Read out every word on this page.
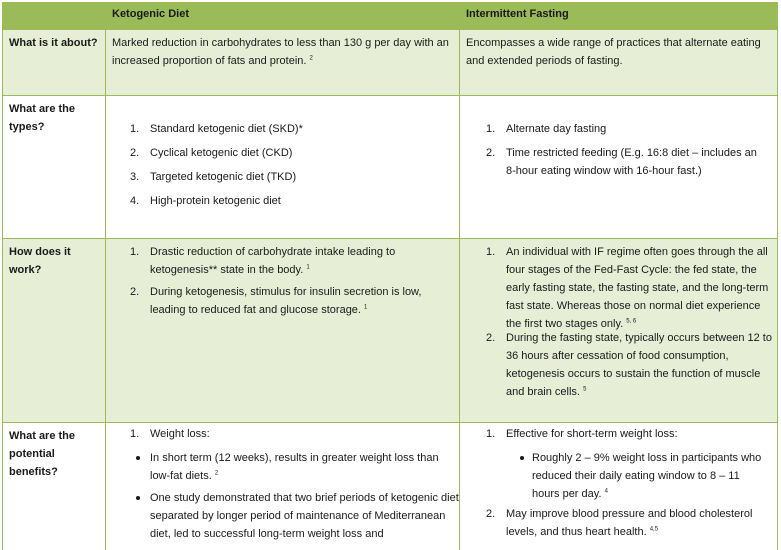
Ketogenic Diet	Intermittent Fasting

What is it about? Marked reduction in carbohydrates to less than 130 g per day with an increased proportion of fats and protein. $^2$

Encompasses a wide range of practices that alternate eating and extended periods of fasting.

What are the types?	1. Standard ketogenic diet (SKD)*
2. Cyclical ketogenic diet (CKD)
3. Targeted ketogenic diet (TKD)
4. High-protein ketogenic diet
1. Alternate day fasting
2. Time restricted feeding (E.g. 16:8 diet – includes an 8-hour eating window with 16-hour fast.)

How does it work?

1. Drastic reduction of carbohydrate intake leading to ketogenesis** state in the body. $^1$
2. During ketogenesis, stimulus for insulin secretion is low, leading to reduced fat and glucose storage. $^1$
1. An individual with IF regime often goes through the all four stages of the Fed-Fast Cycle: the fed state, the early fasting state, the fasting state, and the long-term fast state. Whereas those on normal diet experience the first two stages only. $^{5, 6}$
2. During the fasting state, typically occurs between 12 to 36 hours after cessation of food consumption, ketogenesis occurs to sustain the function of muscle and brain cells. $^5$

What are the potential benefits?

1. Weight loss:
In short term (12 weeks), results in greater weight loss than low-fat diets. $^2$
One study demonstrated that two brief periods of ketogenic diet separated by longer period of maintenance of Mediterranean diet, led to successful long-term weight loss and
1. Effective for short-term weight loss:
Roughly 2 – 9% weight loss in participants who reduced their daily eating window to 8 – 11 hours per day. $^4$
2. May improve blood pressure and blood cholesterol levels, and thus heart health. $^{4,5}$
